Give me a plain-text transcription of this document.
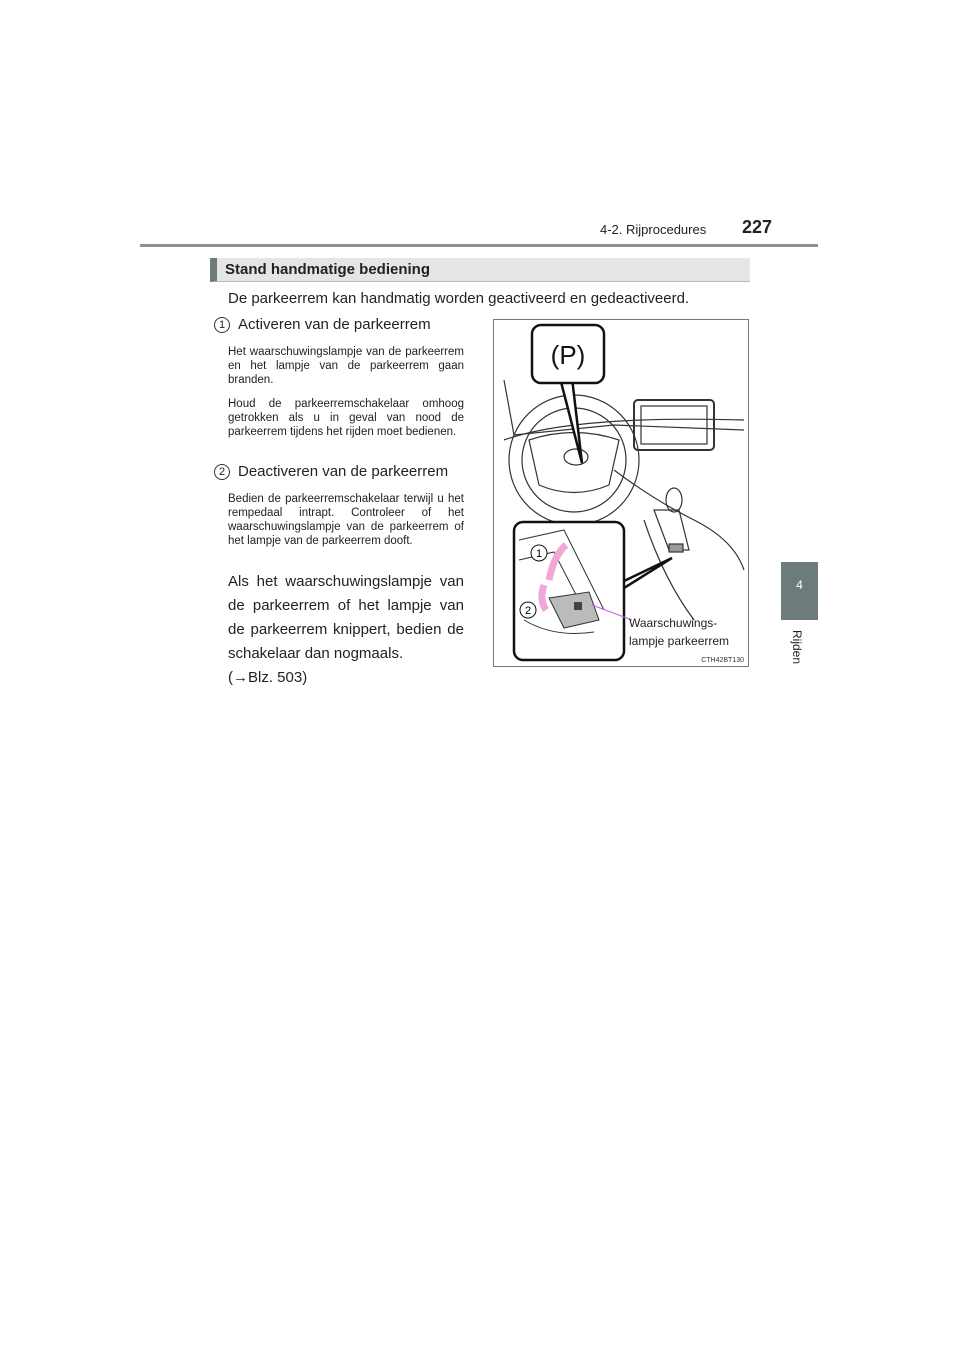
4-2. Rijprocedures 227
4
Rijden
Stand handmatige bediening
De parkeerrem kan handmatig worden geactiveerd en gedeactiveerd.
1 Activeren van de parkeerrem
Het waarschuwingslampje van de parkeerrem en het lampje van de parkeerrem gaan branden.
Houd de parkeerremschakelaar omhoog getrokken als u in geval van nood de parkeerrem tijdens het rijden moet bedienen.
2 Deactiveren van de parkeerrem
Bedien de parkeerremschakelaar terwijl u het rempedaal intrapt. Controleer of het waarschuwingslampje van de parkeerrem of het lampje van de parkeerrem dooft.
Als het waarschuwingslampje van de parkeerrem of het lampje van de parkeerrem knippert, bedien de schakelaar dan nogmaals.
(→Blz. 503)
(P)
1
2
Waarschuwings-
lampje parkeerrem
CTH42BT130
